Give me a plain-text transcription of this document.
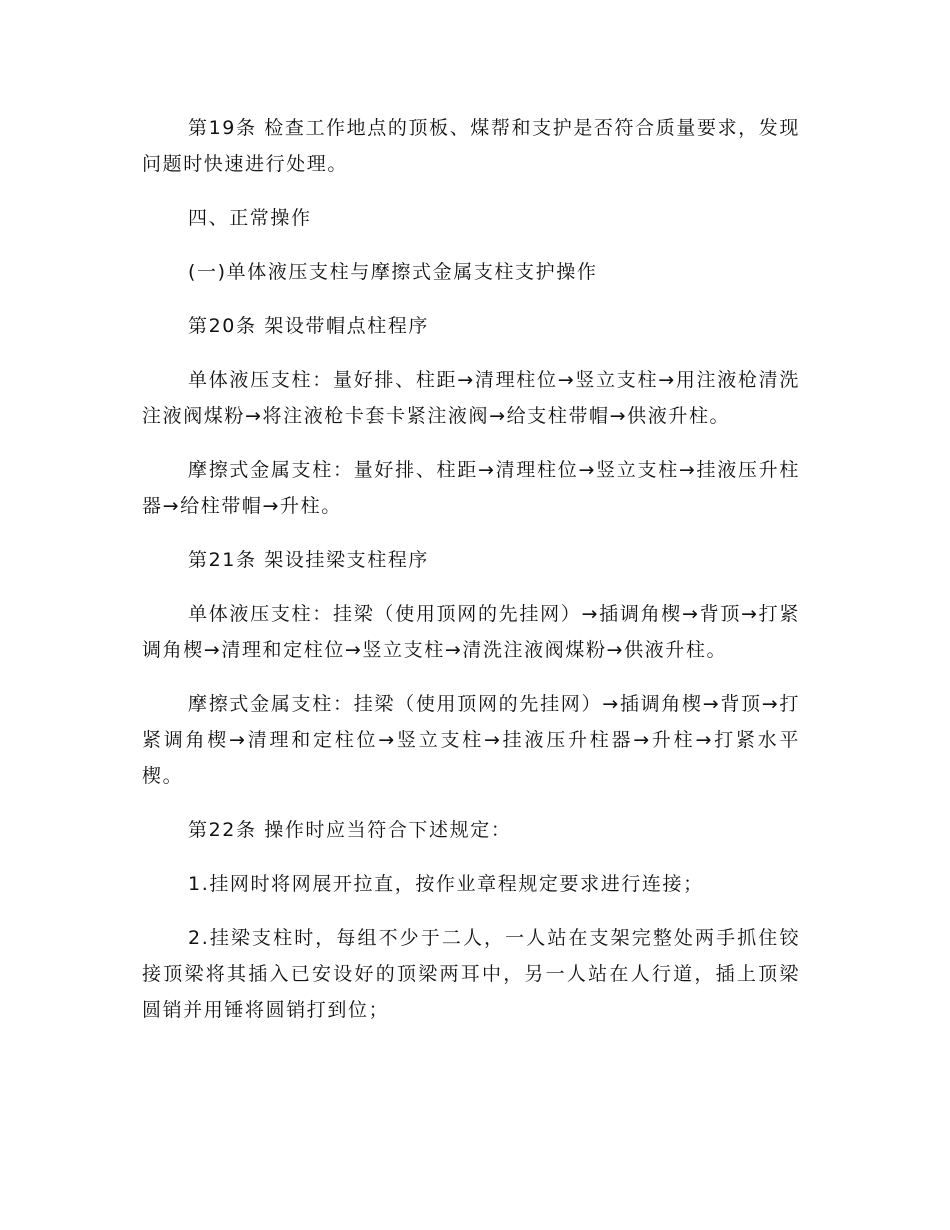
第19条 检查工作地点的顶板、煤帮和支护是否符合质量要求，发现问题时快速进行处理。

四、正常操作

(一)单体液压支柱与摩擦式金属支柱支护操作

第20条 架设带帽点柱程序

单体液压支柱：量好排、柱距→清理柱位→竖立支柱→用注液枪清洗注液阀煤粉→将注液枪卡套卡紧注液阀→给支柱带帽→供液升柱。

摩擦式金属支柱：量好排、柱距→清理柱位→竖立支柱→挂液压升柱器→给柱带帽→升柱。

第21条 架设挂梁支柱程序

单体液压支柱：挂梁（使用顶网的先挂网）→插调角楔→背顶→打紧调角楔→清理和定柱位→竖立支柱→清洗注液阀煤粉→供液升柱。

摩擦式金属支柱：挂梁（使用顶网的先挂网）→插调角楔→背顶→打紧调角楔→清理和定柱位→竖立支柱→挂液压升柱器→升柱→打紧水平楔。

第22条 操作时应当符合下述规定：

1.挂网时将网展开拉直，按作业章程规定要求进行连接；

2.挂梁支柱时，每组不少于二人，一人站在支架完整处两手抓住铰接顶梁将其插入已安设好的顶梁两耳中，另一人站在人行道，插上顶梁圆销并用锤将圆销打到位；
